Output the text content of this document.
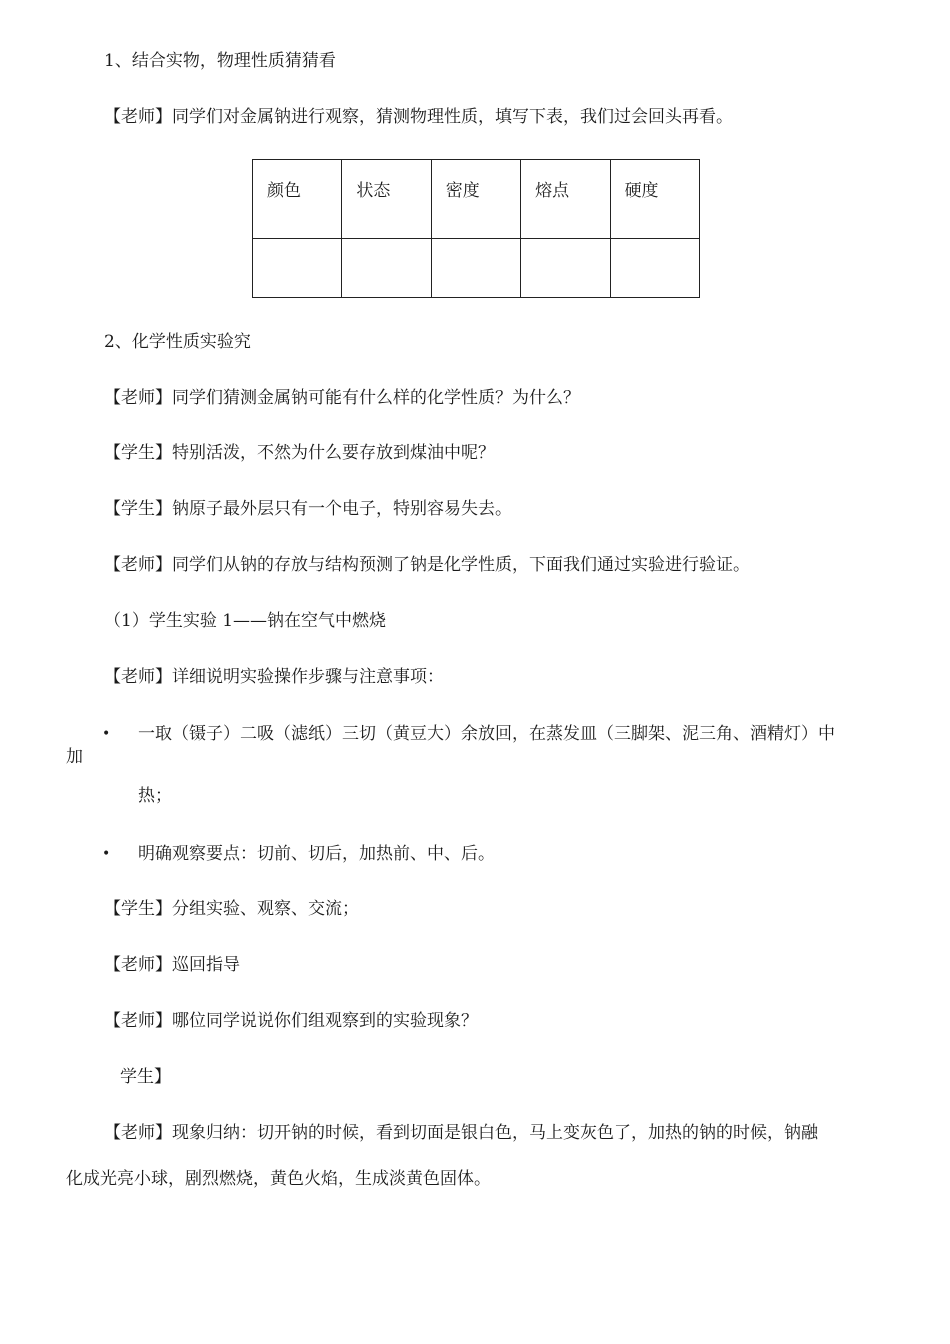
1、结合实物，物理性质猜猜看
【老师】同学们对金属钠进行观察，猜测物理性质，填写下表，我们过会回头再看。
颜色	状态	密度	熔点	硬度

2、化学性质实验究
【老师】同学们猜测金属钠可能有什么样的化学性质？为什么？
【学生】特别活泼，不然为什么要存放到煤油中呢？
【学生】钠原子最外层只有一个电子，特别容易失去。
【老师】同学们从钠的存放与结构预测了钠是化学性质，下面我们通过实验进行验证。
（1）学生实验 1——钠在空气中燃烧
【老师】详细说明实验操作步骤与注意事项：
• 一取（镊子）二吸（滤纸）三切（黄豆大）余放回，在蒸发皿（三脚架、泥三角、酒精灯）中
加
热；
• 明确观察要点：切前、切后，加热前、中、后。
【学生】分组实验、观察、交流；
【老师】巡回指导
【老师】哪位同学说说你们组观察到的实验现象？
学生】
【老师】现象归纳：切开钠的时候，看到切面是银白色，马上变灰色了，加热的钠的时候，钠融
化成光亮小球，剧烈燃烧，黄色火焰，生成淡黄色固体。
